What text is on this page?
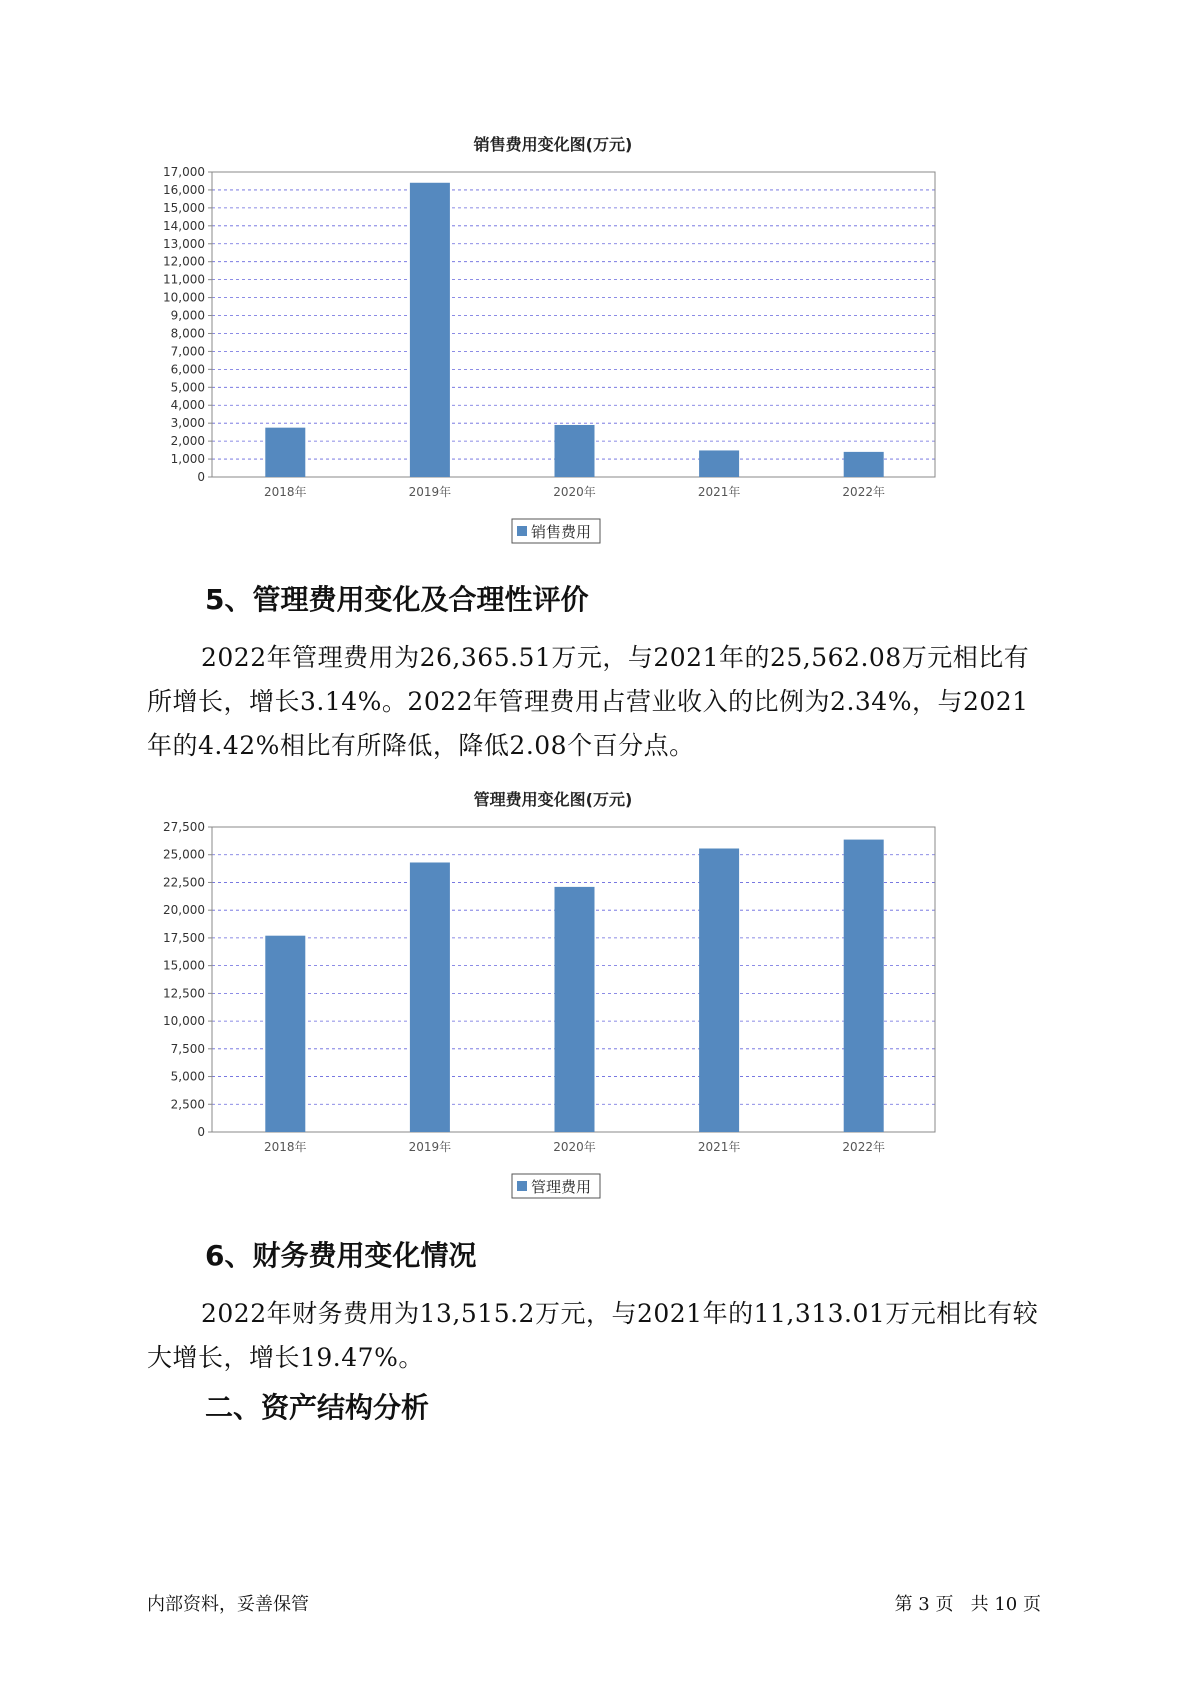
销售费用变化图(万元)
0
1,000
2,000
3,000
4,000
5,000
6,000
7,000
8,000
9,000
10,000
11,000
12,000
13,000
14,000
15,000
16,000
17,000
2018年	2019年	2020年	2021年	2022年
销售费用
5、管理费用变化及合理性评价

2022年管理费用为26,365.51万元，与2021年的25,562.08万元相比有所增长，增长3.14%。2022年管理费用占营业收入的比例为2.34%，与2021年的4.42%相比有所降低，降低2.08个百分点。

管理费用变化图(万元)
0
2,500
5,000
7,500
10,000
12,500
15,000
17,500
20,000
22,500
25,000
27,500
2018年	2019年	2020年	2021年	2022年
管理费用
6、财务费用变化情况

2022年财务费用为13,515.2万元，与2021年的11,313.01万元相比有较大增长，增长19.47%。

二、资产结构分析
内部资料，妥善保管	第 3 页   共 10 页
